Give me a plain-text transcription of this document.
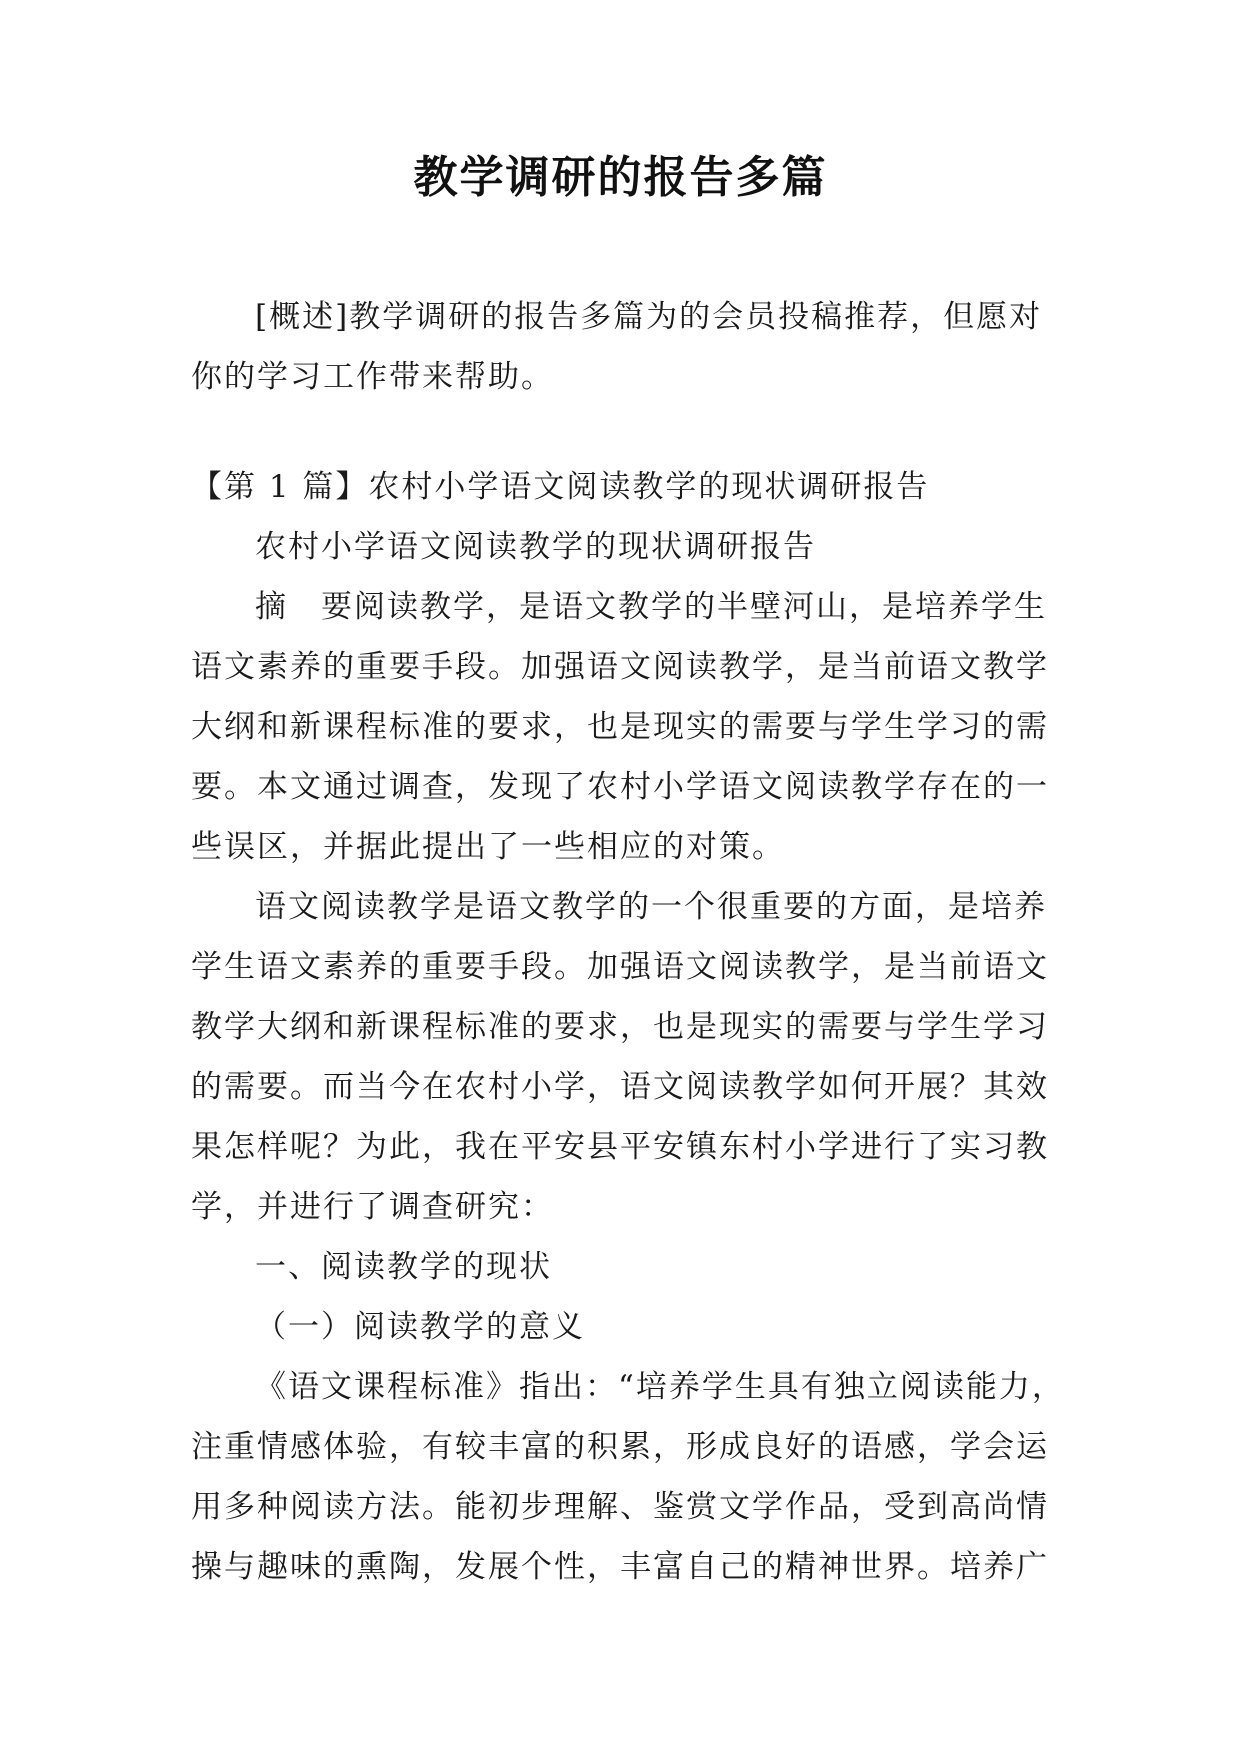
教学调研的报告多篇

[概述]教学调研的报告多篇为的会员投稿推荐，但愿对

你的学习工作带来帮助。

【第 1 篇】农村小学语文阅读教学的现状调研报告

农村小学语文阅读教学的现状调研报告

摘　要阅读教学，是语文教学的半壁河山，是培养学生

语文素养的重要手段。加强语文阅读教学，是当前语文教学

大纲和新课程标准的要求，也是现实的需要与学生学习的需

要。本文通过调查，发现了农村小学语文阅读教学存在的一

些误区，并据此提出了一些相应的对策。

语文阅读教学是语文教学的一个很重要的方面，是培养

学生语文素养的重要手段。加强语文阅读教学，是当前语文

教学大纲和新课程标准的要求，也是现实的需要与学生学习

的需要。而当今在农村小学，语文阅读教学如何开展？其效

果怎样呢？为此，我在平安县平安镇东村小学进行了实习教

学，并进行了调查研究：

一、阅读教学的现状

（一）阅读教学的意义

《语文课程标准》指出：“培养学生具有独立阅读能力，

注重情感体验，有较丰富的积累，形成良好的语感，学会运

用多种阅读方法。能初步理解、鉴赏文学作品，受到高尚情

操与趣味的熏陶，发展个性，丰富自己的精神世界。培养广
